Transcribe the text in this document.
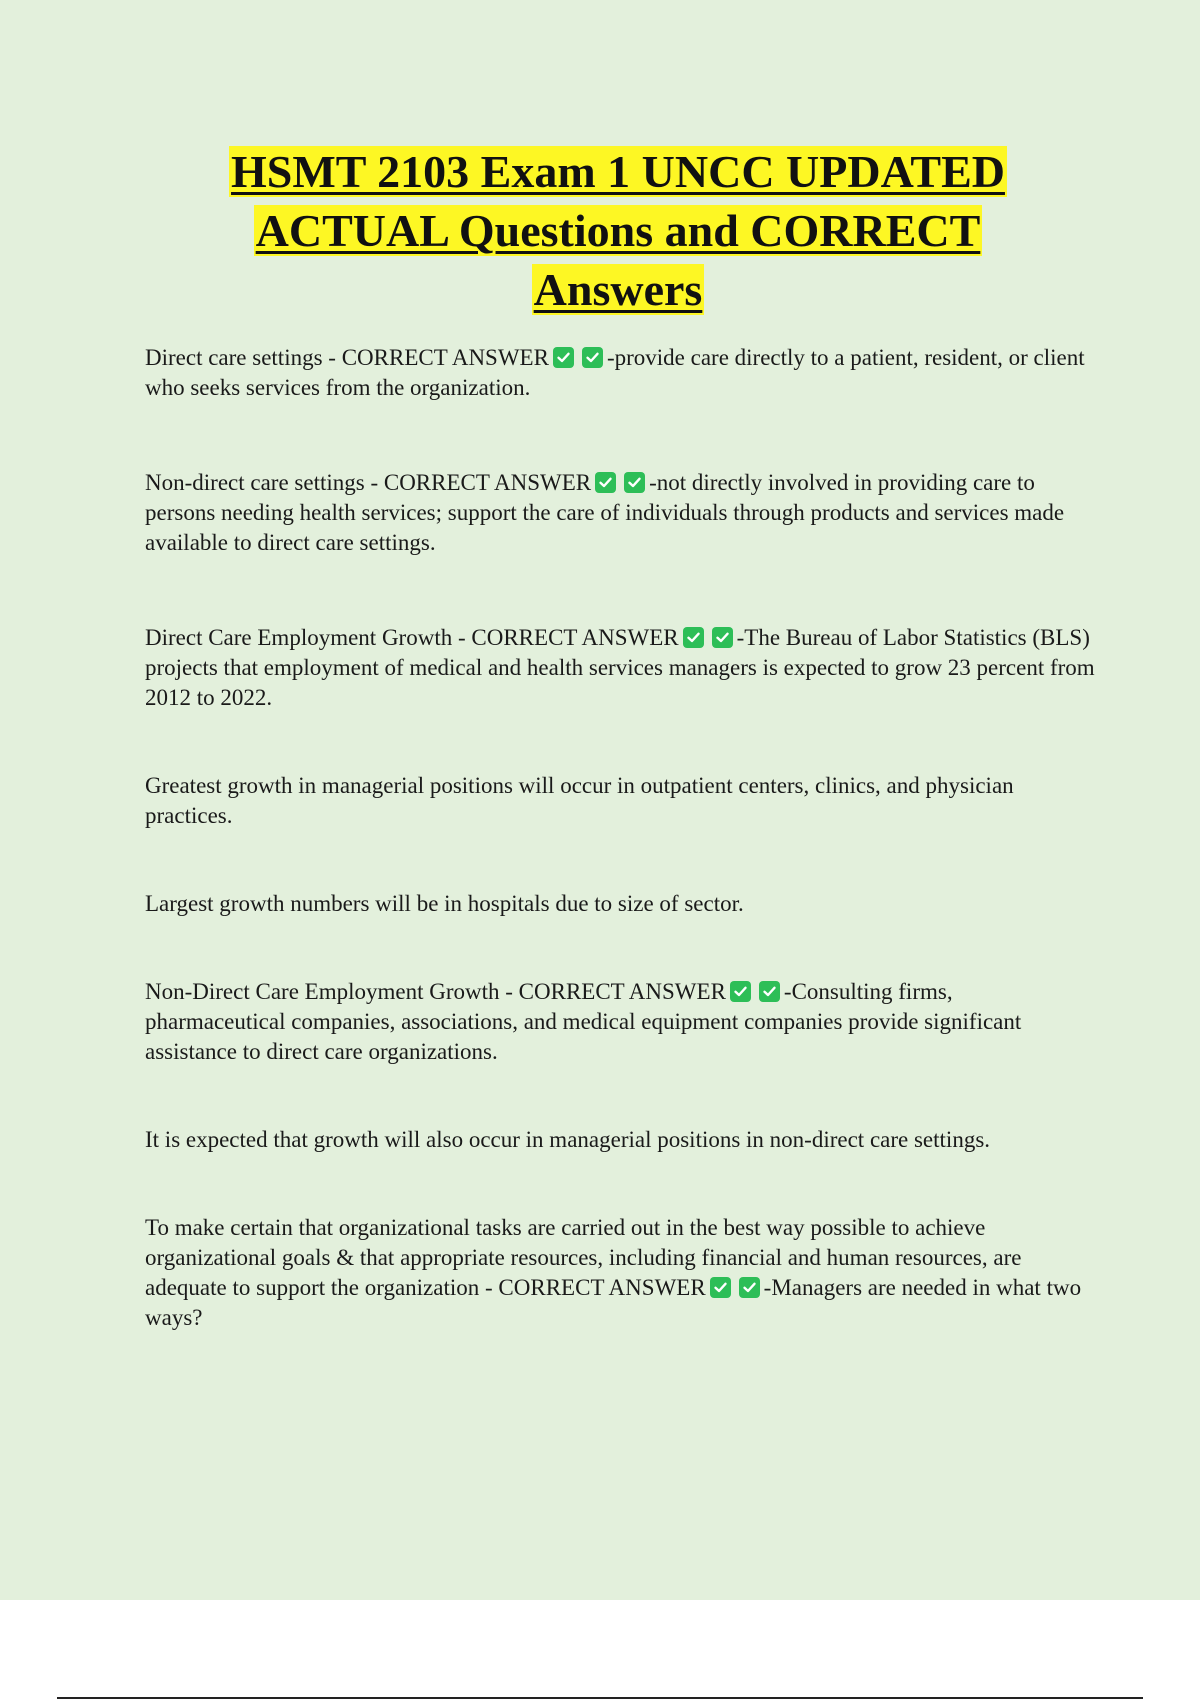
HSMT 2103 Exam 1 UNCC UPDATED
ACTUAL Questions and CORRECT
Answers

Direct care settings - CORRECT ANSWER	-provide care directly to a patient, resident, or client who seeks services from the organization.

Non-direct care settings - CORRECT ANSWER	-not directly involved in providing care to persons needing health services; support the care of individuals through products and services made available to direct care settings.

Direct Care Employment Growth - CORRECT ANSWER	-The Bureau of Labor Statistics (BLS) projects that employment of medical and health services managers is expected to grow 23 percent from 2012 to 2022.

Greatest growth in managerial positions will occur in outpatient centers, clinics, and physician practices.

Largest growth numbers will be in hospitals due to size of sector.

Non-Direct Care Employment Growth - CORRECT ANSWER	-Consulting firms, pharmaceutical companies, associations, and medical equipment companies provide significant assistance to direct care organizations.

It is expected that growth will also occur in managerial positions in non-direct care settings.

To make certain that organizational tasks are carried out in the best way possible to achieve organizational goals & that appropriate resources, including financial and human resources, are adequate to support the organization - CORRECT ANSWER	-Managers are needed in what two ways?
